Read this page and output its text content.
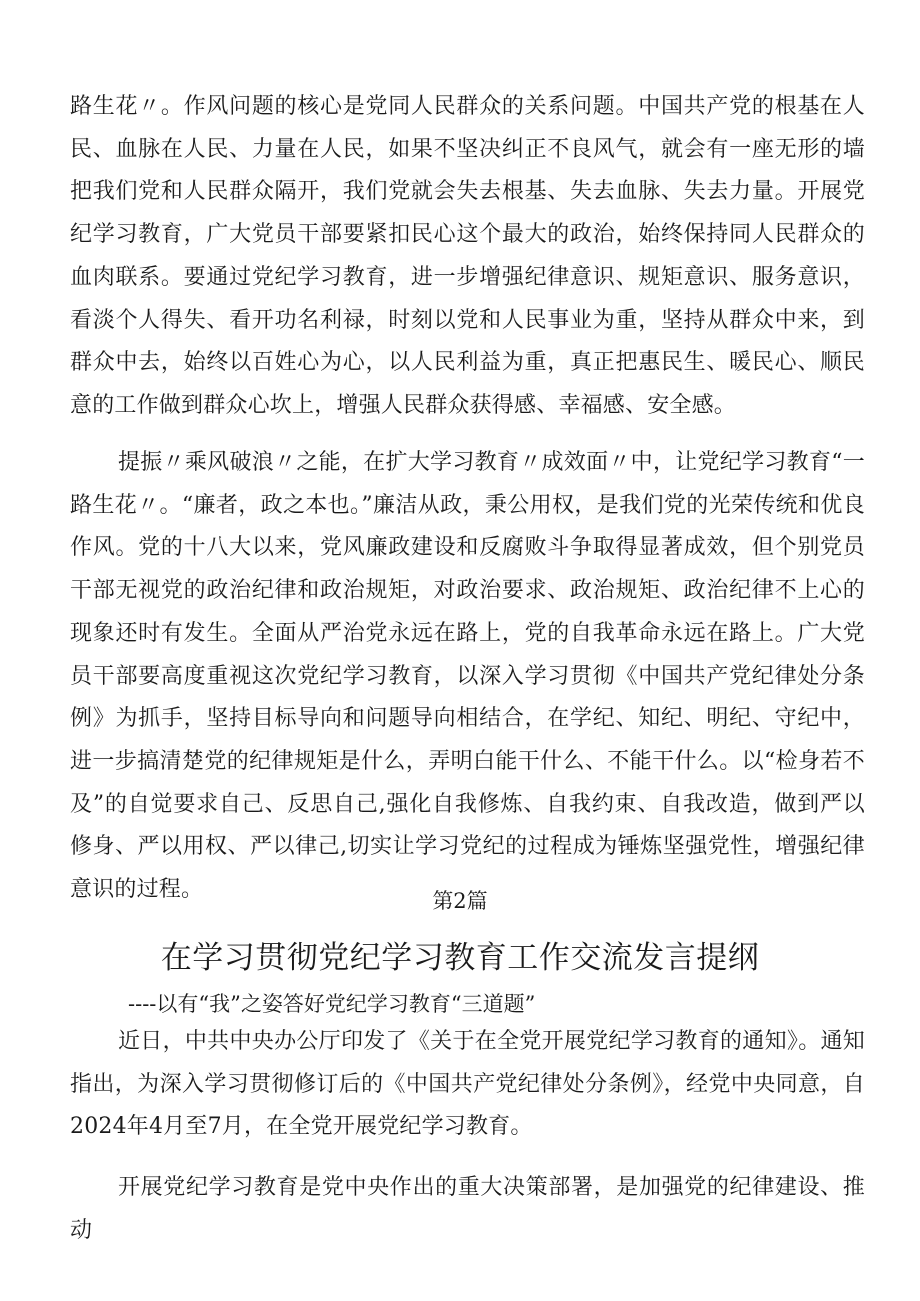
路生花〃。作风问题的核心是党同人民群众的关系问题。中国共产党的根基在人民、血脉在人民、力量在人民，如果不坚决纠正不良风气，就会有一座无形的墙把我们党和人民群众隔开，我们党就会失去根基、失去血脉、失去力量。开展党纪学习教育，广大党员干部要紧扣民心这个最大的政治，始终保持同人民群众的血肉联系。要通过党纪学习教育，进一步增强纪律意识、规矩意识、服务意识，看淡个人得失、看开功名利禄，时刻以党和人民事业为重，坚持从群众中来，到群众中去，始终以百姓心为心，以人民利益为重，真正把惠民生、暖民心、顺民意的工作做到群众心坎上，增强人民群众获得感、幸福感、安全感。

提振〃乘风破浪〃之能，在扩大学习教育〃成效面〃中，让党纪学习教育“一路生花〃。“廉者，政之本也。”廉洁从政，秉公用权，是我们党的光荣传统和优良作风。党的十八大以来，党风廉政建设和反腐败斗争取得显著成效，但个别党员干部无视党的政治纪律和政治规矩，对政治要求、政治规矩、政治纪律不上心的现象还时有发生。全面从严治党永远在路上，党的自我革命永远在路上。广大党员干部要高度重视这次党纪学习教育，以深入学习贯彻《中国共产党纪律处分条例》为抓手，坚持目标导向和问题导向相结合，在学纪、知纪、明纪、守纪中，进一步搞清楚党的纪律规矩是什么，弄明白能干什么、不能干什么。以“检身若不及”的自觉要求自己、反思自己,强化自我修炼、自我约束、自我改造，做到严以修身、严以用权、严以律己,切实让学习党纪的过程成为锤炼坚强党性，增强纪律意识的过程。	第2篇
在学习贯彻党纪学习教育工作交流发言提纲
----以有“我”之姿答好党纪学习教育“三道题”

近日，中共中央办公厅印发了《关于在全党开展党纪学习教育的通知》。通知指出，为深入学习贯彻修订后的《中国共产党纪律处分条例》，经党中央同意，自2024年4月至7月，在全党开展党纪学习教育。

开展党纪学习教育是党中央作出的重大决策部署，是加强党的纪律建设、推动
